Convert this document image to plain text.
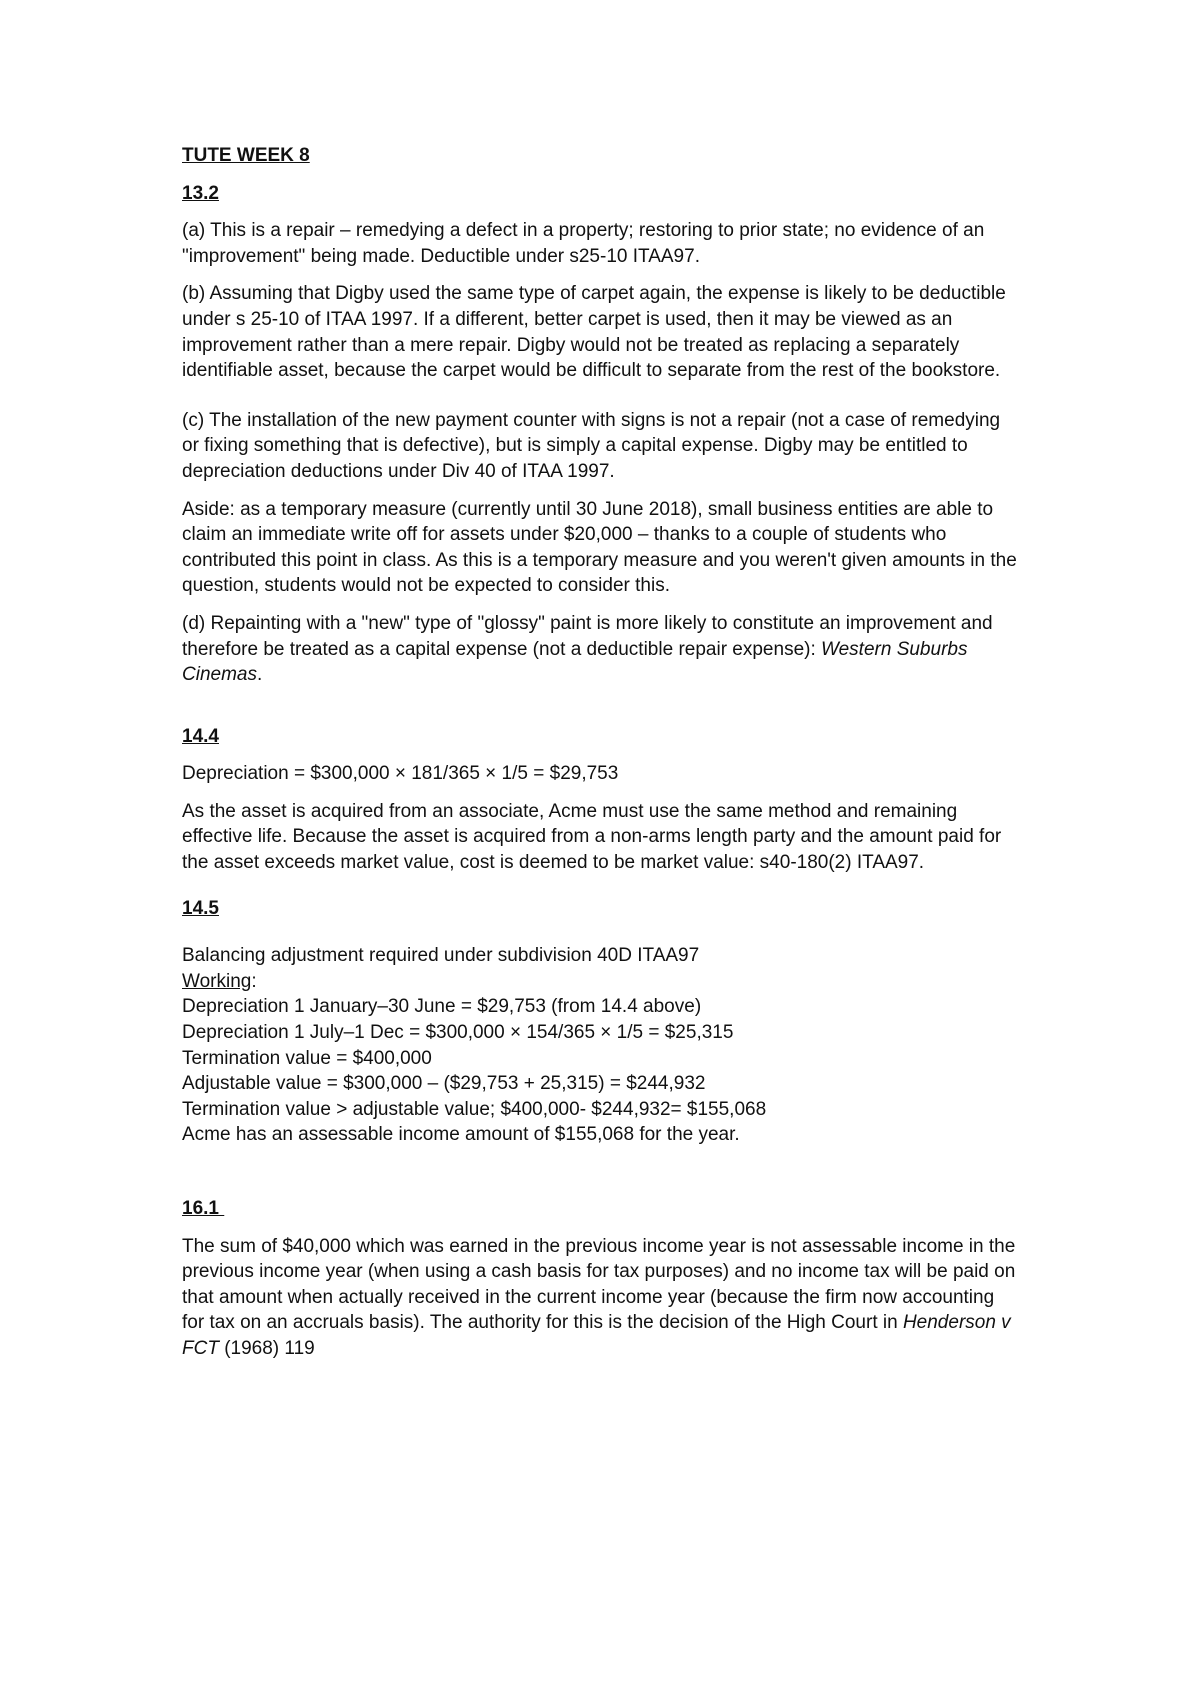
TUTE WEEK 8
13.2

(a) This is a repair – remedying a defect in a property; restoring to prior state; no evidence of an "improvement" being made. Deductible under s25-10 ITAA97.

(b) Assuming that Digby used the same type of carpet again, the expense is likely to be deductible under s 25-10 of ITAA 1997. If a different, better carpet is used, then it may be viewed as an improvement rather than a mere repair. Digby would not be treated as replacing a separately identifiable asset, because the carpet would be difficult to separate from the rest of the bookstore.

(c) The installation of the new payment counter with signs is not a repair (not a case of remedying or fixing something that is defective), but is simply a capital expense. Digby may be entitled to depreciation deductions under Div 40 of ITAA 1997.

Aside: as a temporary measure (currently until 30 June 2018), small business entities are able to claim an immediate write off for assets under $20,000 – thanks to a couple of students who contributed this point in class. As this is a temporary measure and you weren't given amounts in the question, students would not be expected to consider this.

(d) Repainting with a "new" type of "glossy" paint is more likely to constitute an improvement and therefore be treated as a capital expense (not a deductible repair expense): Western Suburbs Cinemas.

14.4

Depreciation = $300,000 × 181/365 × 1/5 = $29,753

As the asset is acquired from an associate, Acme must use the same method and remaining effective life. Because the asset is acquired from a non-arms length party and the amount paid for the asset exceeds market value, cost is deemed to be market value: s40-180(2) ITAA97.

14.5

Balancing adjustment required under subdivision 40D ITAA97

Working:

Depreciation 1 January–30 June = $29,753 (from 14.4 above)

Depreciation 1 July–1 Dec = $300,000 × 154/365 × 1/5 = $25,315

Termination value = $400,000

Adjustable value = $300,000 – ($29,753 + 25,315) = $244,932

Termination value > adjustable value; $400,000- $244,932= $155,068

Acme has an assessable income amount of $155,068 for the year.

16.1

The sum of $40,000 which was earned in the previous income year is not assessable income in the previous income year (when using a cash basis for tax purposes) and no income tax will be paid on that amount when actually received in the current income year (because the firm now accounting for tax on an accruals basis). The authority for this is the decision of the High Court in Henderson v FCT (1968) 119
